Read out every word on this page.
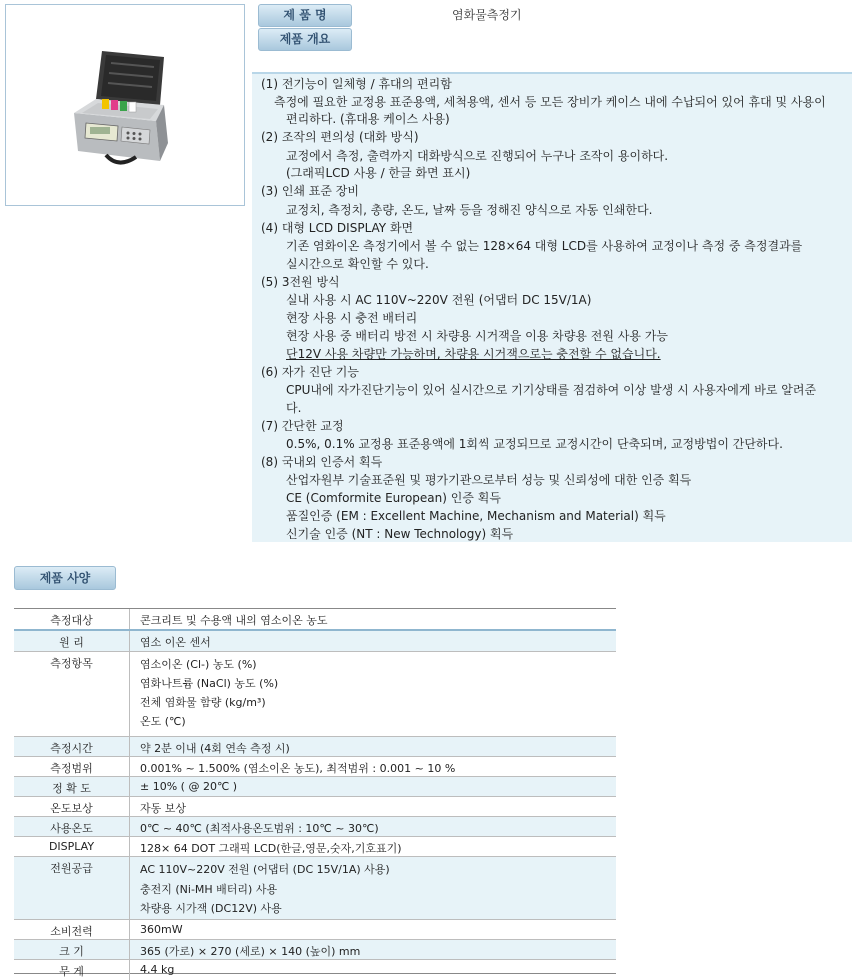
제 품 명
제품 개요
염화물측정기
(1) 전기능이 일체형 / 휴대의 편리함
측정에 필요한 교정용 표준용액, 세척용액, 센서 등 모든 장비가 케이스 내에 수납되어 있어 휴대 및 사용이
편리하다. (휴대용 케이스 사용)
(2) 조작의 편의성 (대화 방식)
교정에서 측정, 출력까지 대화방식으로 진행되어 누구나 조작이 용이하다.
(그래픽LCD 사용 / 한글 화면 표시)
(3) 인쇄 표준 장비
교정치, 측정치, 총량, 온도, 날짜 등을 정해진 양식으로 자동 인쇄한다.
(4) 대형 LCD DISPLAY 화면
기존 염화이온 측정기에서 볼 수 없는 128×64 대형 LCD를 사용하여 교정이나 측정 중 측정결과를
실시간으로 확인할 수 있다.
(5) 3전원 방식
실내 사용 시 AC 110V~220V 전원 (어댑터 DC 15V/1A)
현장 사용 시 충전 배터리
현장 사용 중 배터리 방전 시 차량용 시거잭을 이용 차량용 전원 사용 가능
단12V 사용 차량만 가능하며, 차량용 시거잭으로는 충전할 수 없습니다.
(6) 자가 진단 기능
CPU내에 자가진단기능이 있어 실시간으로 기기상태를 점검하여 이상 발생 시 사용자에게 바로 알려준
다.
(7) 간단한 교정
0.5%, 0.1% 교정용 표준용액에 1회씩 교정되므로 교정시간이 단축되며, 교정방법이 간단하다.
(8) 국내외 인증서 획득
산업자원부 기술표준원 및 평가기관으로부터 성능 및 신뢰성에 대한 인증 획득
CE (Comformite European) 인증 획득
품질인증 (EM : Excellent Machine, Mechanism and Material) 획득
신기술 인증 (NT : New Technology) 획득
제품 사양
측정대상	콘크리트 및 수용액 내의 염소이온 농도
원 리	염소 이온 센서
측정항목	염소이온 (Cl-) 농도 (%)
염화나트륨 (NaCl) 농도 (%)
전체 염화물 함량 (kg/m³)
온도 (℃)
측정시간	약 2분 이내 (4회 연속 측정 시)
측정범위	0.001% ~ 1.500% (염소이온 농도), 최적범위 : 0.001 ~ 10 %
정 확 도	± 10% ( @ 20℃ )
온도보상	자동 보상
사용온도	0℃ ~ 40℃ (최적사용온도범위 : 10℃ ~ 30℃)
DISPLAY	128× 64 DOT 그래픽 LCD(한글,영문,숫자,기호표기)
전원공급	AC 110V~220V 전원 (어댑터 (DC 15V/1A) 사용)
충전지 (Ni-MH 배터리) 사용
차량용 시가잭 (DC12V) 사용
소비전력	360mW
크 기	365 (가로) × 270 (세로) × 140 (높이) mm
무 게	4.4 kg
